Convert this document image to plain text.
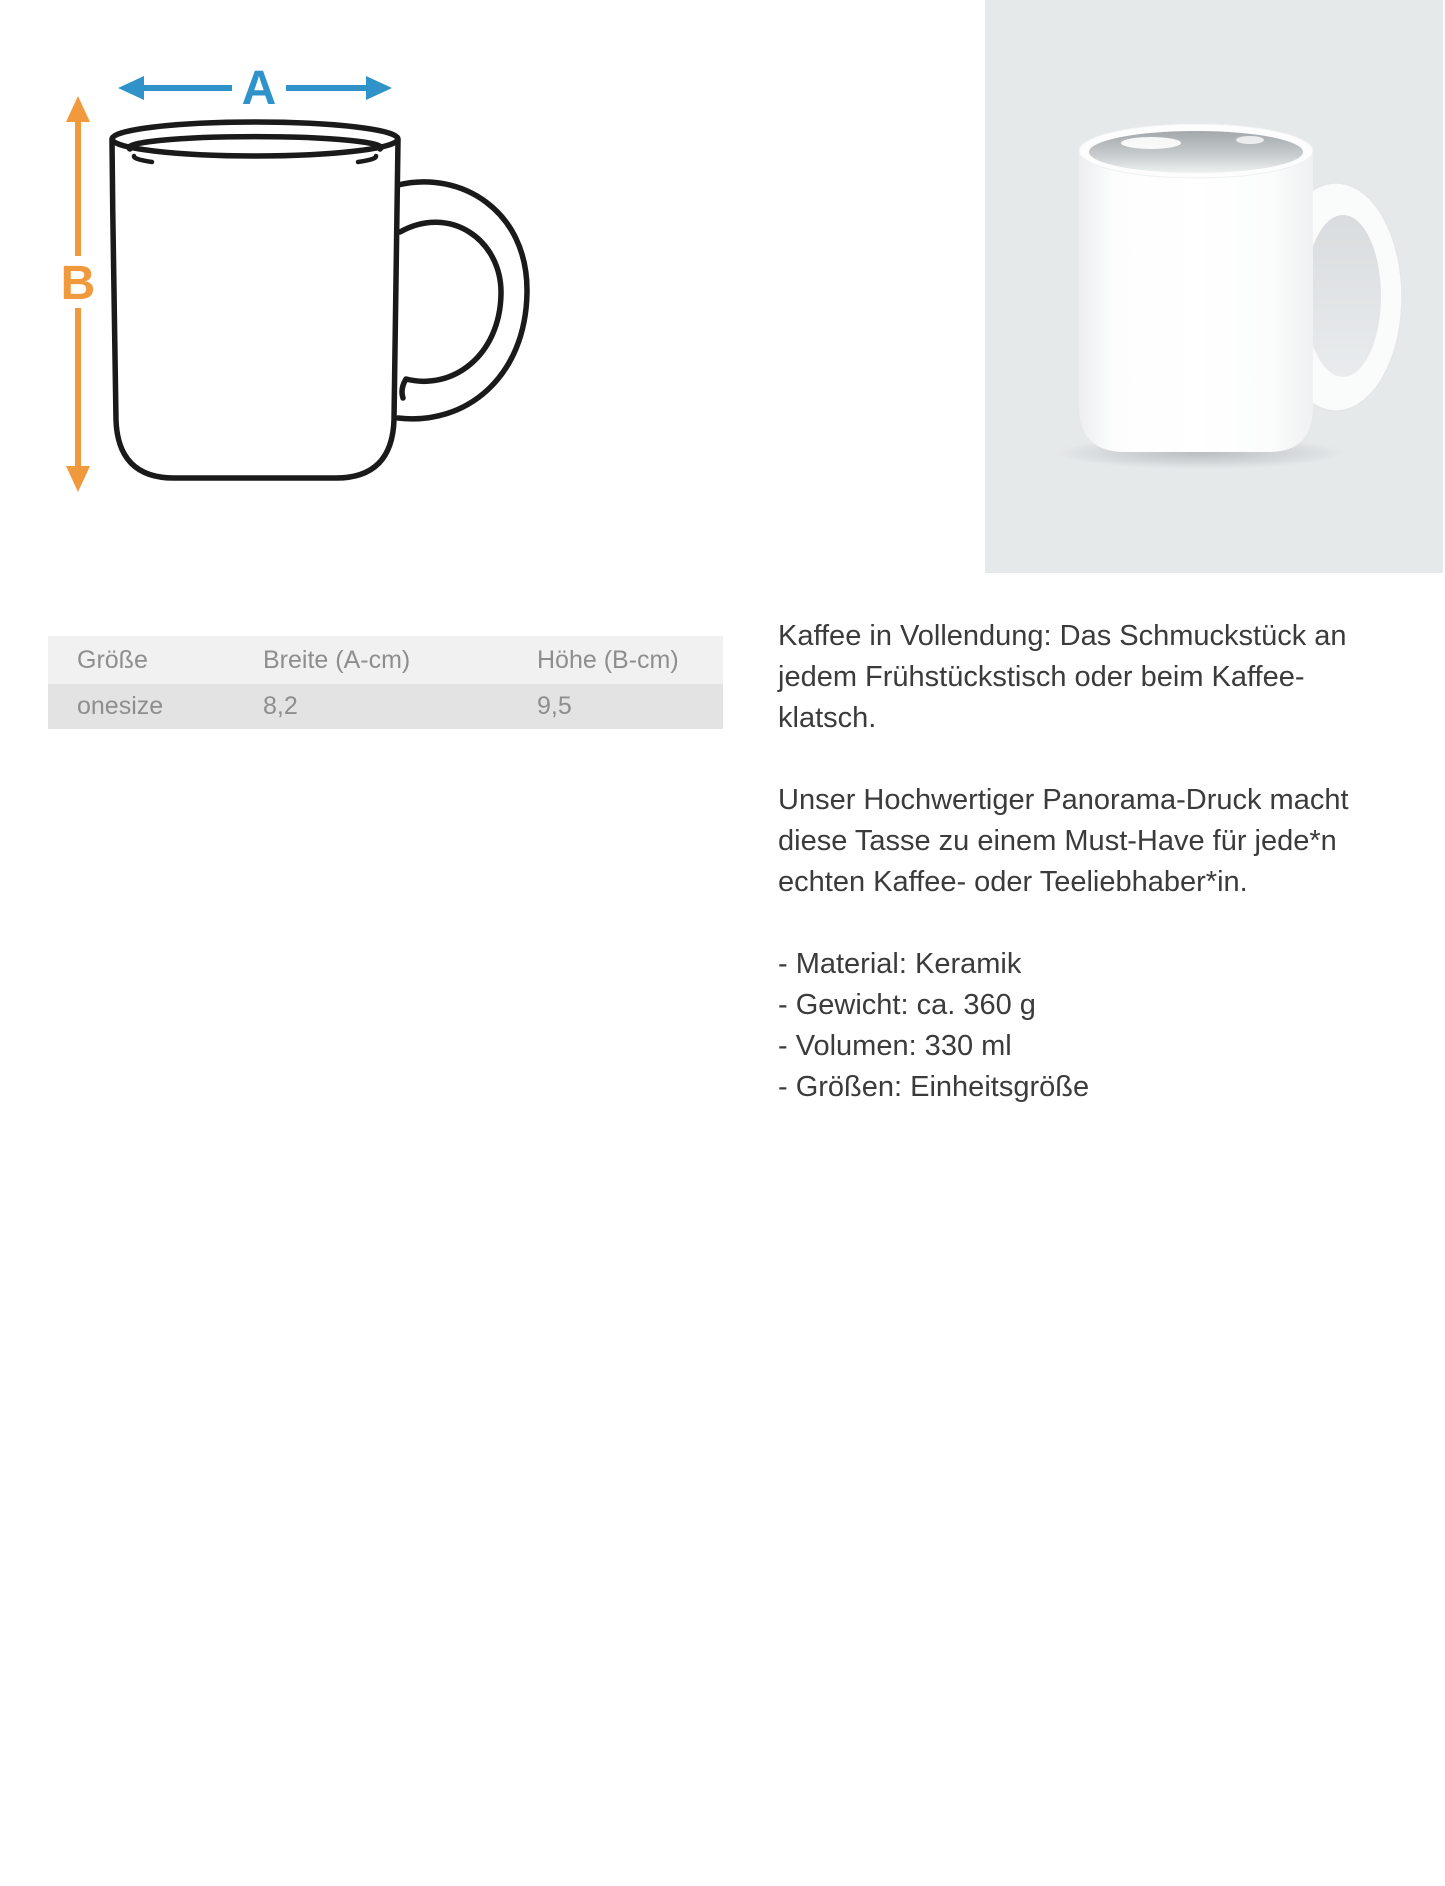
A
B
Größe	Breite (A-cm)	Höhe (B-cm)
onesize	8,2	9,5
Kaffee in Vollendung: Das Schmuckstück an
jedem Frühstückstisch oder beim Kaffee-
klatsch.
Unser Hochwertiger Panorama-Druck macht
diese Tasse zu einem Must-Have für jede*n
echten Kaffee- oder Teeliebhaber*in.
- Material: Keramik
- Gewicht: ca. 360 g
- Volumen: 330 ml
- Größen: Einheitsgröße
